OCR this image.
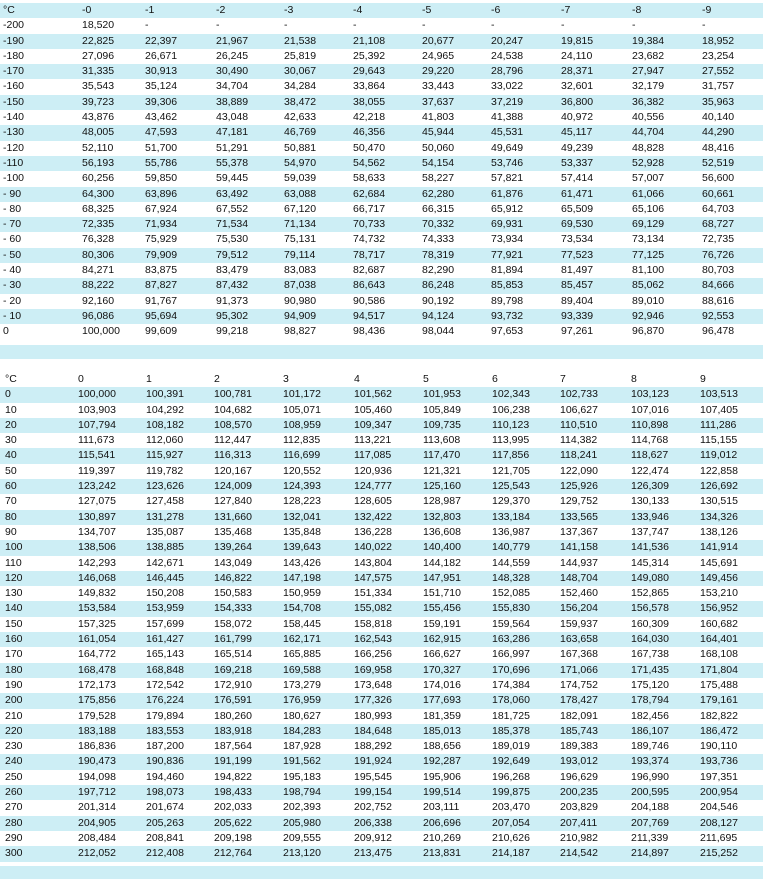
°C	-0	-1	-2	-3	-4	-5	-6	-7	-8	-9
-200	18,520	-	-	-	-	-	-	-	-	-
-190	22,825	22,397	21,967	21,538	21,108	20,677	20,247	19,815	19,384	18,952
-180	27,096	26,671	26,245	25,819	25,392	24,965	24,538	24,110	23,682	23,254
-170	31,335	30,913	30,490	30,067	29,643	29,220	28,796	28,371	27,947	27,552
-160	35,543	35,124	34,704	34,284	33,864	33,443	33,022	32,601	32,179	31,757
-150	39,723	39,306	38,889	38,472	38,055	37,637	37,219	36,800	36,382	35,963
-140	43,876	43,462	43,048	42,633	42,218	41,803	41,388	40,972	40,556	40,140
-130	48,005	47,593	47,181	46,769	46,356	45,944	45,531	45,117	44,704	44,290
-120	52,110	51,700	51,291	50,881	50,470	50,060	49,649	49,239	48,828	48,416
-110	56,193	55,786	55,378	54,970	54,562	54,154	53,746	53,337	52,928	52,519
-100	60,256	59,850	59,445	59,039	58,633	58,227	57,821	57,414	57,007	56,600
- 90	64,300	63,896	63,492	63,088	62,684	62,280	61,876	61,471	61,066	60,661
- 80	68,325	67,924	67,552	67,120	66,717	66,315	65,912	65,509	65,106	64,703
- 70	72,335	71,934	71,534	71,134	70,733	70,332	69,931	69,530	69,129	68,727
- 60	76,328	75,929	75,530	75,131	74,732	74,333	73,934	73,534	73,134	72,735
- 50	80,306	79,909	79,512	79,114	78,717	78,319	77,921	77,523	77,125	76,726
- 40	84,271	83,875	83,479	83,083	82,687	82,290	81,894	81,497	81,100	80,703
- 30	88,222	87,827	87,432	87,038	86,643	86,248	85,853	85,457	85,062	84,666
- 20	92,160	91,767	91,373	90,980	90,586	90,192	89,798	89,404	89,010	88,616
- 10	96,086	95,694	95,302	94,909	94,517	94,124	93,732	93,339	92,946	92,553
0	100,000 99,609	99,218	98,827	98,436	98,044	97,653	97,261	96,870	96,478
°C	0	1	2	3	4	5	6	7	8	9
0	100,000	100,391	100,781	101,172	101,562	101,953	102,343	102,733	103,123	103,513
10	103,903	104,292	104,682	105,071	105,460	105,849	106,238	106,627	107,016	107,405
20	107,794	108,182	108,570	108,959	109,347	109,735	110,123	110,510	110,898	111,286
30	111,673	112,060	112,447	112,835	113,221	113,608	113,995	114,382	114,768	115,155
40	115,541	115,927	116,313	116,699	117,085	117,470	117,856	118,241	118,627	119,012
50	119,397	119,782	120,167	120,552	120,936	121,321	121,705	122,090	122,474	122,858
60	123,242	123,626	124,009	124,393	124,777	125,160	125,543	125,926	126,309	126,692
70	127,075	127,458	127,840	128,223	128,605	128,987	129,370	129,752	130,133	130,515
80	130,897	131,278	131,660	132,041	132,422	132,803	133,184	133,565	133,946	134,326
90	134,707	135,087	135,468	135,848	136,228	136,608	136,987	137,367	137,747	138,126
100	138,506	138,885	139,264	139,643	140,022	140,400	140,779	141,158	141,536	141,914
110	142,293	142,671	143,049	143,426	143,804	144,182	144,559	144,937	145,314	145,691
120	146,068	146,445	146,822	147,198	147,575	147,951	148,328	148,704	149,080	149,456
130	149,832	150,208	150,583	150,959	151,334	151,710	152,085	152,460	152,865	153,210
140	153,584	153,959	154,333	154,708	155,082	155,456	155,830	156,204	156,578	156,952
150	157,325	157,699	158,072	158,445	158,818	159,191	159,564	159,937	160,309	160,682
160	161,054	161,427	161,799	162,171	162,543	162,915	163,286	163,658	164,030	164,401
170	164,772	165,143	165,514	165,885	166,256	166,627	166,997	167,368	167,738	168,108
180	168,478	168,848	169,218	169,588	169,958	170,327	170,696	171,066	171,435	171,804
190	172,173	172,542	172,910	173,279	173,648	174,016	174,384	174,752	175,120	175,488
200	175,856	176,224	176,591	176,959	177,326	177,693	178,060	178,427	178,794	179,161
210	179,528	179,894	180,260	180,627	180,993	181,359	181,725	182,091	182,456	182,822
220	183,188	183,553	183,918	184,283	184,648	185,013	185,378	185,743	186,107	186,472
230	186,836	187,200	187,564	187,928	188,292	188,656	189,019	189,383	189,746	190,110
240	190,473	190,836	191,199	191,562	191,924	192,287	192,649	193,012	193,374	193,736
250	194,098	194,460	194,822	195,183	195,545	195,906	196,268	196,629	196,990	197,351
260	197,712	198,073	198,433	198,794	199,154	199,514	199,875	200,235	200,595	200,954
270	201,314	201,674	202,033	202,393	202,752	203,111	203,470	203,829	204,188	204,546
280	204,905	205,263	205,622	205,980	206,338	206,696	207,054	207,411	207,769	208,127
290	208,484	208,841	209,198	209,555	209,912	210,269	210,626	210,982	211,339	211,695
300	212,052	212,408	212,764	213,120	213,475	213,831	214,187	214,542	214,897	215,252
